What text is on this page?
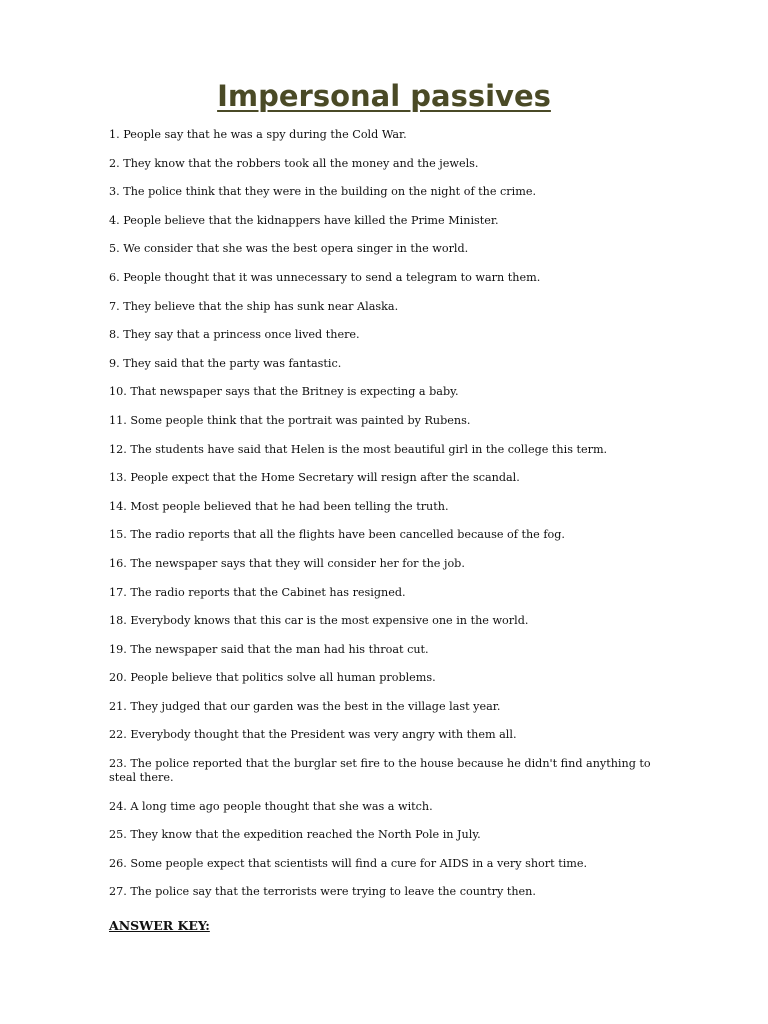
Impersonal passives
1. People say that he was a spy during the Cold War.
2. They know that the robbers took all the money and the jewels.
3. The police think that they were in the building on the night of the crime.
4. People believe that the kidnappers have killed the Prime Minister.
5. We consider that she was the best opera singer in the world.
6. People thought that it was unnecessary to send a telegram to warn them.
7. They believe that the ship has sunk near Alaska.
8. They say that a princess once lived there.
9. They said that the party was fantastic.
10. That newspaper says that the Britney is expecting a baby.
11. Some people think that the portrait was painted by Rubens.
12. The students have said that Helen is the most beautiful girl in the college this term.
13. People expect that the Home Secretary will resign after the scandal.
14. Most people believed that he had been telling the truth.
15. The radio reports that all the flights have been cancelled because of the fog.
16. The newspaper says that they will consider her for the job.
17. The radio reports that the Cabinet has resigned.
18. Everybody knows that this car is the most expensive one in the world.
19. The newspaper said that the man had his throat cut.
20. People believe that politics solve all human problems.
21. They judged that our garden was the best in the village last year.
22. Everybody thought that the President was very angry with them all.
23. The police reported that the burglar set fire to the house because he didn't find anything to steal there.
24. A long time ago people thought that she was a witch.
25. They know that the expedition reached the North Pole in July.
26. Some people expect that scientists will find a cure for AIDS in a very short time.
27. The police say that the terrorists were trying to leave the country then.

ANSWER KEY:
